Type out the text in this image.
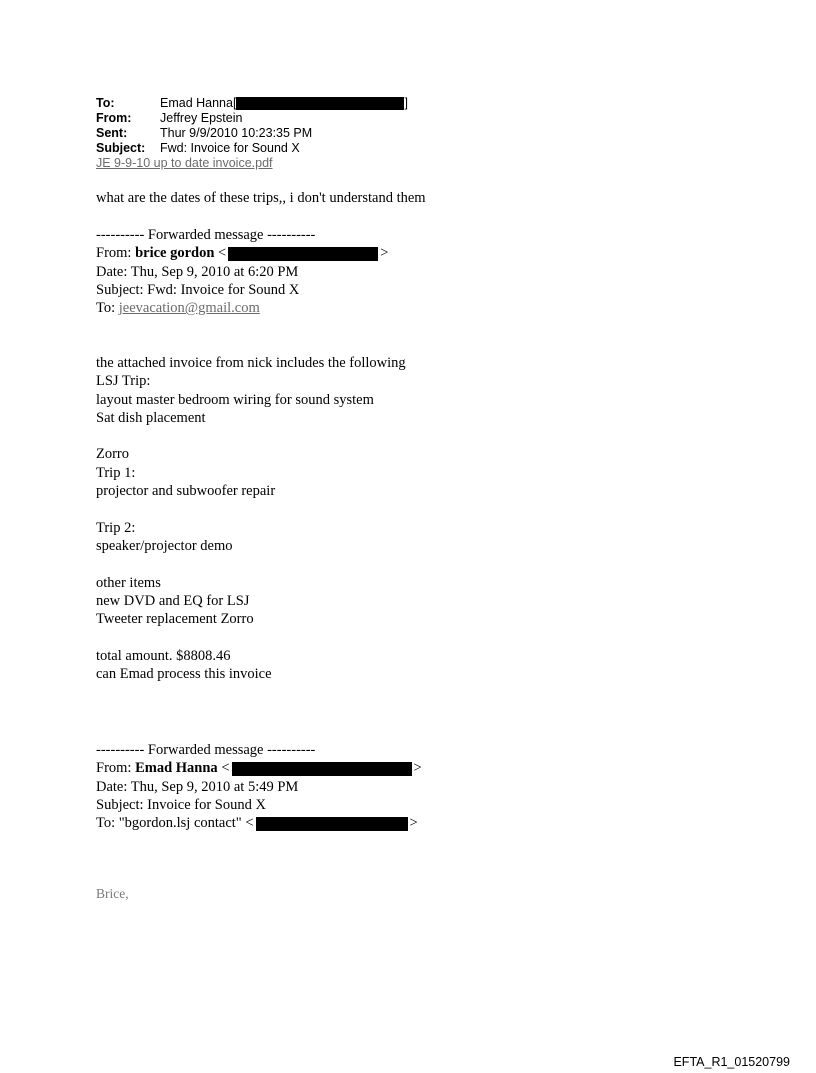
To:	Emad Hanna[	]
From: Jeffrey Epstein
Sent:	Thur 9/9/2010 10:23:35 PM
Subject: Fwd: Invoice for Sound X
JE 9-9-10 up to date invoice.pdf
what are the dates of these trips,, i don't understand them
---------- Forwarded message ----------
From: brice gordon <	>
Date: Thu, Sep 9, 2010 at 6:20 PM
Subject: Fwd: Invoice for Sound X
To: jeevacation@gmail.com
the attached invoice from nick includes the following
LSJ Trip:
layout master bedroom wiring for sound system
Sat dish placement
Zorro
Trip 1:
projector and subwoofer repair
Trip 2:
speaker/projector demo
other items
new DVD and EQ for LSJ
Tweeter replacement Zorro
total amount. $8808.46
can Emad process this invoice
---------- Forwarded message ----------
From: Emad Hanna <	>
Date: Thu, Sep 9, 2010 at 5:49 PM
Subject: Invoice for Sound X
To: "bgordon.lsj contact" <	>
Brice,
EFTA_R1_01520799
